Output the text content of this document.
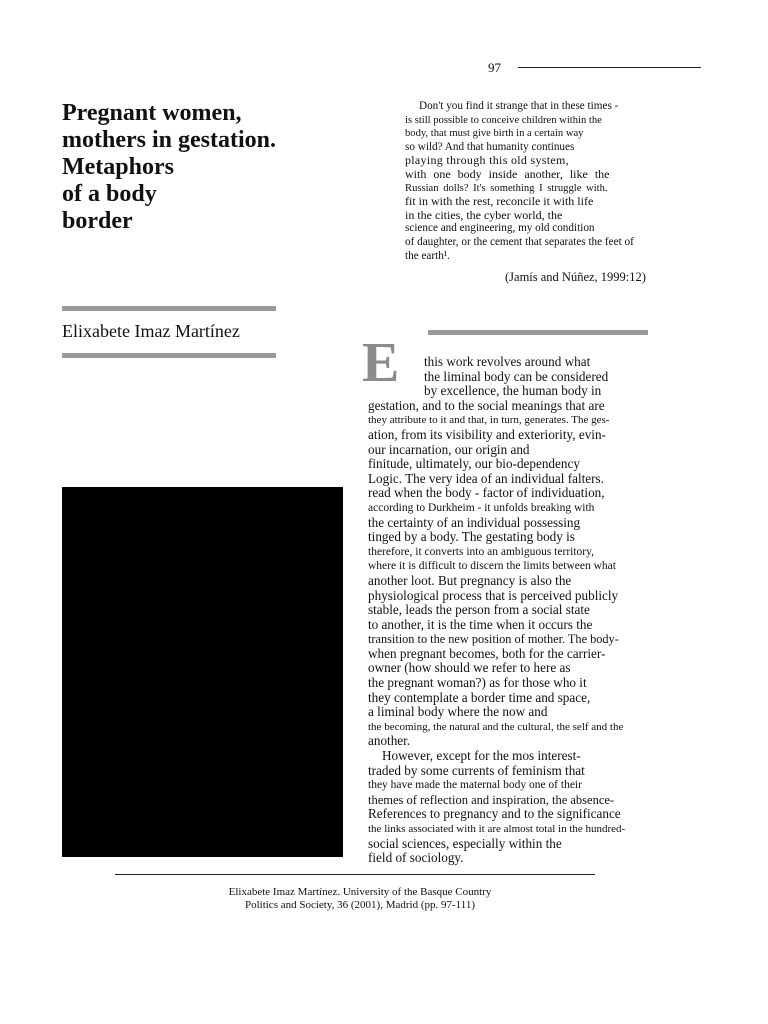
97
Pregnant women,
mothers in gestation.
Metaphors
of a body
border
Don't you find it strange that in these times -
is still possible to conceive children within the
body, that must give birth in a certain way
so wild? And that humanity continues
playing through this old system,
with one body inside another, like the
Russian dolls? It's something I struggle with.
fit in with the rest, reconcile it with life
in the cities, the cyber world, the
science and engineering, my old condition
of daughter, or the cement that separates the feet of
the earth¹.
(Jamís and Núñez, 1999:12)
Elixabete Imaz Martínez
E	this work revolves around what
the liminal body can be considered
by excellence, the human body in
gestation, and to the social meanings that are
they attribute to it and that, in turn, generates. The ges-
ation, from its visibility and exteriority, evin-
our incarnation, our origin and
finitude, ultimately, our bio-dependency
Logic. The very idea of an individual falters.
read when the body - factor of individuation,
according to Durkheim - it unfolds breaking with
the certainty of an individual possessing
tinged by a body. The gestating body is
therefore, it converts into an ambiguous territory,
where it is difficult to discern the limits between what
another loot. But pregnancy is also the
physiological process that is perceived publicly
stable, leads the person from a social state
to another, it is the time when it occurs the
transition to the new position of mother. The body-
when pregnant becomes, both for the carrier-
owner (how should we refer to here as
the pregnant woman?) as for those who it
they contemplate a border time and space,
a liminal body where the now and
the becoming, the natural and the cultural, the self and the
another.
However, except for the mos interest-
traded by some currents of feminism that
they have made the maternal body one of their
themes of reflection and inspiration, the absence-
References to pregnancy and to the significance
the links associated with it are almost total in the hundred-
social sciences, especially within the
field of sociology.
Elixabete Imaz Martínez. University of the Basque Country
Politics and Society, 36 (2001), Madrid (pp. 97-111)
